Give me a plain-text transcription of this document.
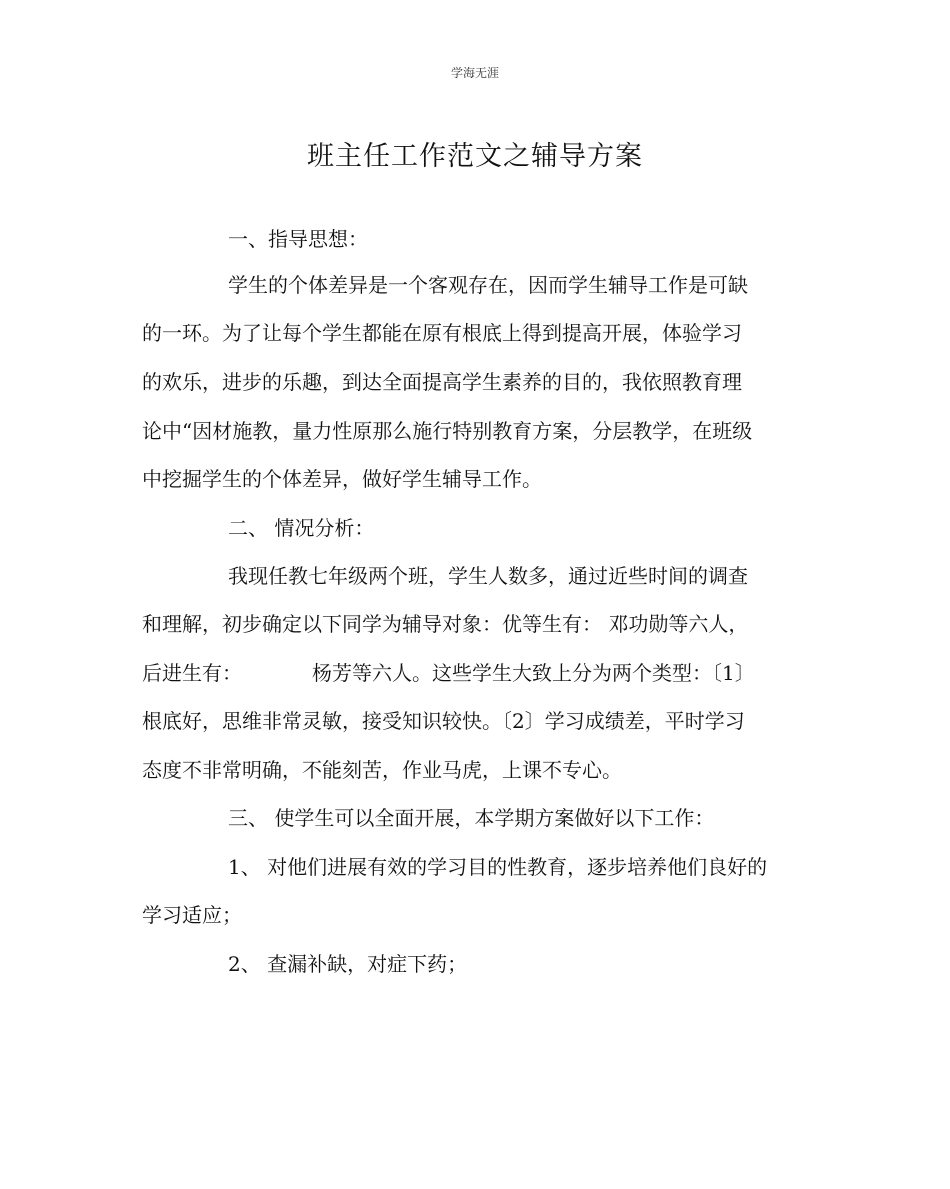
学海无涯
班主任工作范文之辅导方案
一、指导思想：
学生的个体差异是一个客观存在，因而学生辅导工作是可缺
的一环。为了让每个学生都能在原有根底上得到提高开展，体验学习
的欢乐，进步的乐趣，到达全面提高学生素养的目的，我依照教育理
论中“因材施教，量力性原那么施行特别教育方案，分层教学，在班级
中挖掘学生的个体差异，做好学生辅导工作。
二、 情况分析：
我现任教七年级两个班，学生人数多，通过近些时间的调查
和理解，初步确定以下同学为辅导对象：优等生有： 邓功勋等六人，
后进生有：	杨芳等六人。这些学生大致上分为两个类型：〔1〕
根底好，思维非常灵敏，接受知识较快。〔2〕学习成绩差，平时学习
态度不非常明确，不能刻苦，作业马虎，上课不专心。
三、 使学生可以全面开展，本学期方案做好以下工作：
1、 对他们进展有效的学习目的性教育，逐步培养他们良好的
学习适应；
2、 查漏补缺，对症下药；
